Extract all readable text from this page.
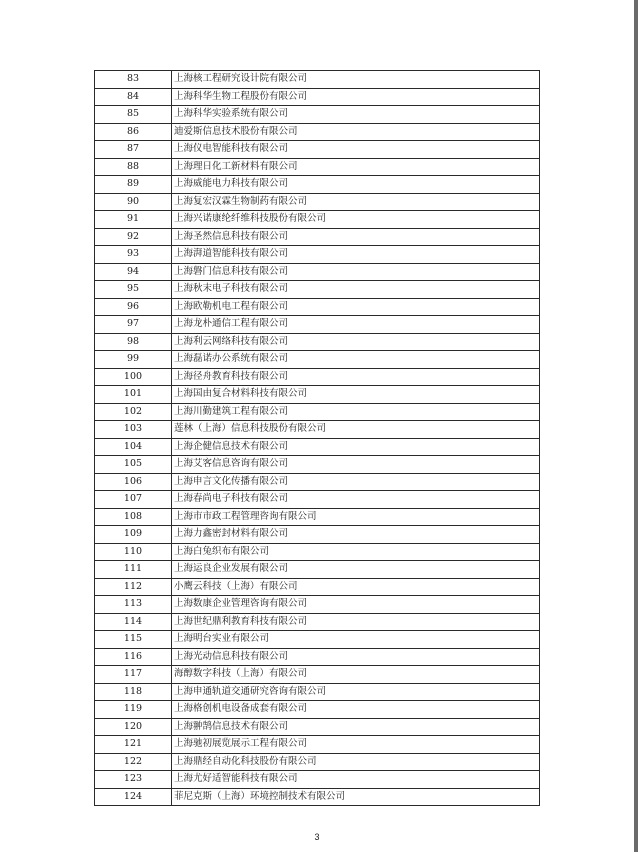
83	上海核工程研究设计院有限公司
84	上海科华生物工程股份有限公司
85	上海科华实验系统有限公司
86	迪爱斯信息技术股份有限公司
87	上海仪电智能科技有限公司
88	上海理日化工新材料有限公司
89	上海威能电力科技有限公司
90	上海复宏汉霖生物制药有限公司
91	上海兴诺康纶纤维科技股份有限公司
92	上海圣然信息科技有限公司
93	上海湃道智能科技有限公司
94	上海磐门信息科技有限公司
95	上海秋末电子科技有限公司
96	上海欧勒机电工程有限公司
97	上海龙朴通信工程有限公司
98	上海利云网络科技有限公司
99	上海磊诺办公系统有限公司
100	上海径舟教育科技有限公司
101	上海国由复合材料科技有限公司
102	上海川勤建筑工程有限公司
103	莲林（上海）信息科技股份有限公司
104	上海企健信息技术有限公司
105	上海艾客信息咨询有限公司
106	上海申言文化传播有限公司
107	上海春尚电子科技有限公司
108	上海市市政工程管理咨询有限公司
109	上海力鑫密封材料有限公司
110	上海白兔织布有限公司
111	上海运良企业发展有限公司
112	小鹰云科技（上海）有限公司
113	上海数康企业管理咨询有限公司
114	上海世纪鼎利教育科技有限公司
115	上海明台实业有限公司
116	上海光动信息科技有限公司
117	海醇数字科技（上海）有限公司
118	上海申通轨道交通研究咨询有限公司
119	上海格创机电设备成套有限公司
120	上海翀鹄信息技术有限公司
121	上海驰初展览展示工程有限公司
122	上海鼎经自动化科技股份有限公司
123	上海尤好适智能科技有限公司
124	菲尼克斯（上海）环境控制技术有限公司
3
